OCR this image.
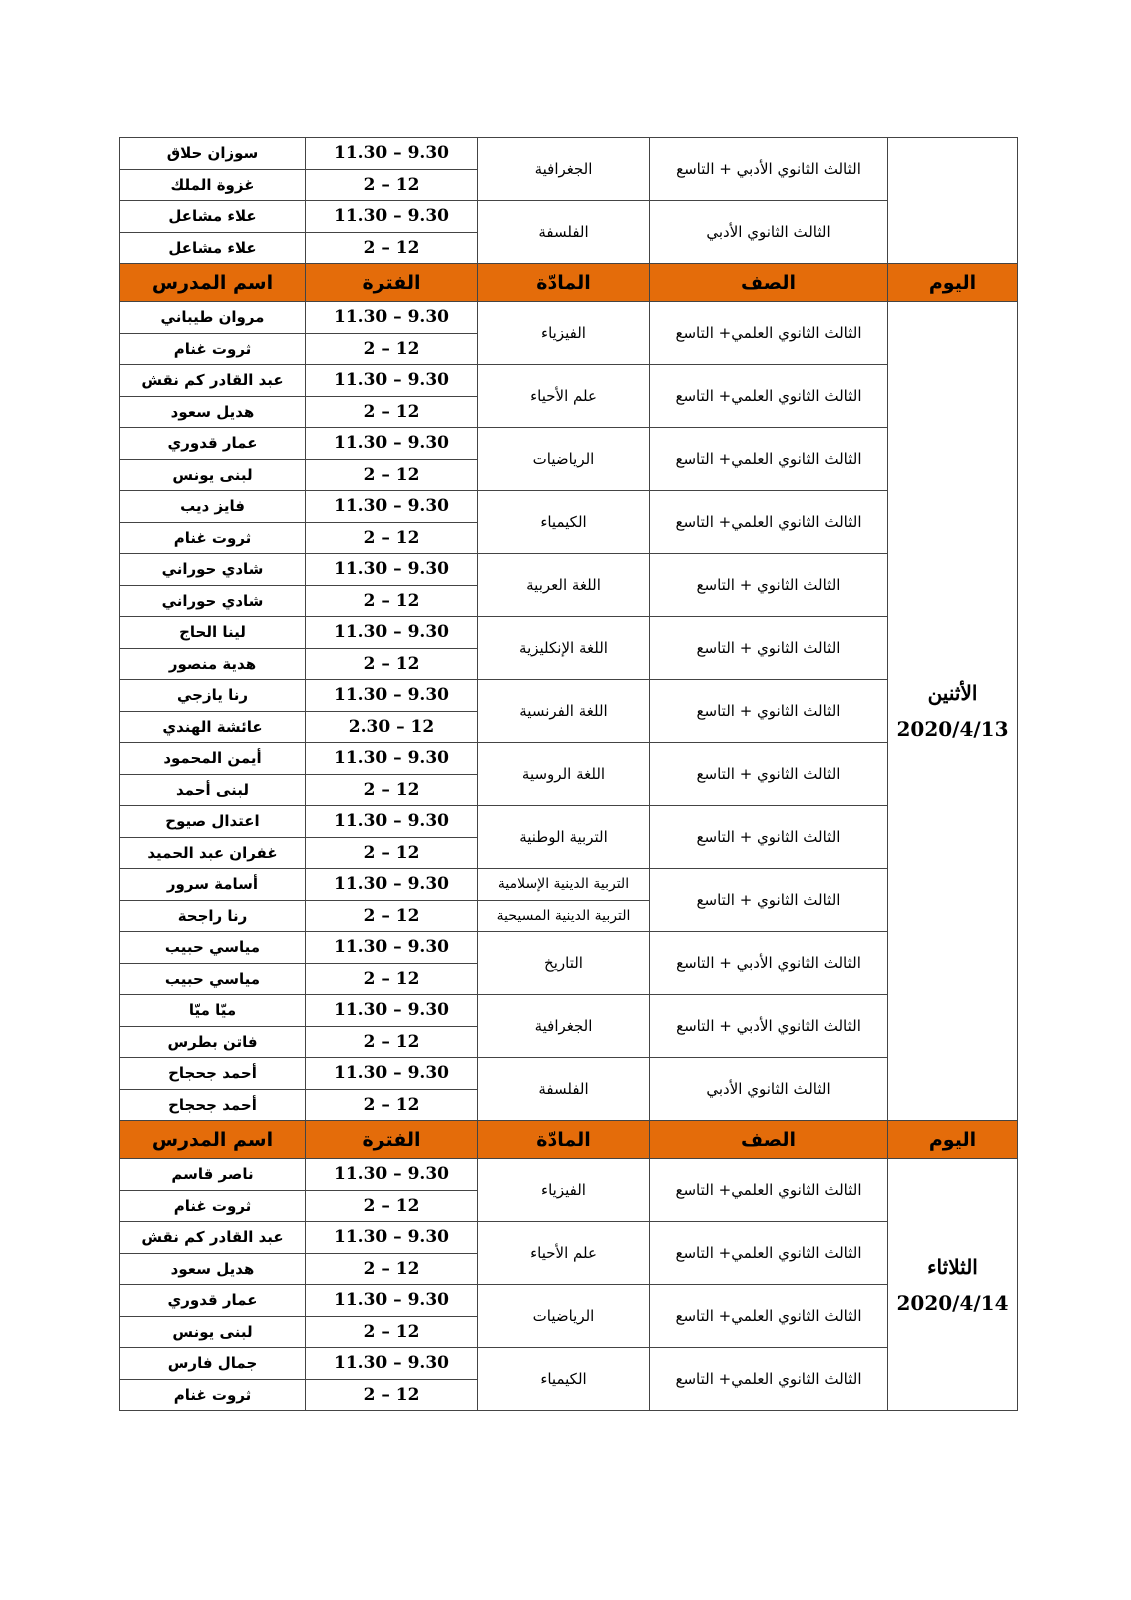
سوزان حلاق	11.30 – 9.30	الجغرافية	الثالث الثانوي الأدبي + التاسع	
غزوة الملك	2 – 12			
علاء مشاعل	11.30 – 9.30	الفلسفة	الثالث الثانوي الأدبي	
علاء مشاعل	2 – 12			
اسم المدرس	الفترة	المادّة	الصف	اليوم
مروان طيباني	11.30 – 9.30	الفيزياء	الثالث الثانوي العلمي+ التاسع	الأثنين
2020/4/13

ثروت غنام	2 – 12			
عبد القادر كم نقش	11.30 – 9.30	علم الأحياء	الثالث الثانوي العلمي+ التاسع	
هديل سعود	2 – 12			
عمار قدوري	11.30 – 9.30	الرياضيات	الثالث الثانوي العلمي+ التاسع	
لبنى يونس	2 – 12			
فايز ديب	11.30 – 9.30	الكيمياء	الثالث الثانوي العلمي+ التاسع	
ثروت غنام	2 – 12			
شادي حوراني	11.30 – 9.30	اللغة العربية	الثالث الثانوي + التاسع	
شادي حوراني	2 – 12			
لينا الحاج	11.30 – 9.30	اللغة الإنكليزية	الثالث الثانوي + التاسع	
هدية منصور	2 – 12			
رنا يازجي	11.30 – 9.30	اللغة الفرنسية	الثالث الثانوي + التاسع	
عائشة الهندي	2.30 – 12			
أيمن المحمود	11.30 – 9.30	اللغة الروسية	الثالث الثانوي + التاسع	
لبنى أحمد	2 – 12			
اعتدال صيوح	11.30 – 9.30	التربية الوطنية	الثالث الثانوي + التاسع	
غفران عبد الحميد	2 – 12			
أسامة سرور	11.30 – 9.30	التربية الدينية الإسلامية	الثالث الثانوي + التاسع	
رنا راجحة	2 – 12	التربية الدينية المسيحية		
مياسي حبيب	11.30 – 9.30	التاريخ	الثالث الثانوي الأدبي + التاسع	
مياسي حبيب	2 – 12			
ميّا ميّا	11.30 – 9.30	الجغرافية	الثالث الثانوي الأدبي + التاسع	
فاتن بطرس	2 – 12			
أحمد جحجاح	11.30 – 9.30	الفلسفة	الثالث الثانوي الأدبي	
أحمد جحجاح	2 – 12			
اسم المدرس	الفترة	المادّة	الصف	اليوم
ناصر قاسم	11.30 – 9.30	الفيزياء	الثالث الثانوي العلمي+ التاسع	الثلاثاء
2020/4/14

ثروت غنام	2 – 12			
عبد القادر كم نقش	11.30 – 9.30	علم الأحياء	الثالث الثانوي العلمي+ التاسع	
هديل سعود	2 – 12			
عمار قدوري	11.30 – 9.30	الرياضيات	الثالث الثانوي العلمي+ التاسع	
لبنى يونس	2 – 12			
جمال فارس	11.30 – 9.30	الكيمياء	الثالث الثانوي العلمي+ التاسع	
ثروت غنام	2 – 12			
